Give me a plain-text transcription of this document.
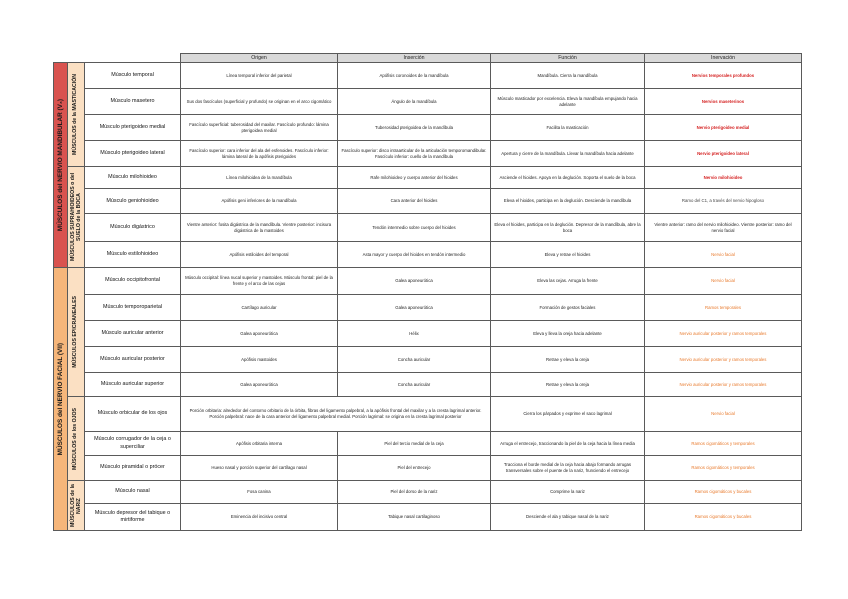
			Origen	Inserción	Función	Inervación

MÚSCULOS del NERVIO MANDIBULAR (V₃)	MÚSCULOS de la MASTICACIÓN	Músculo temporal	Línea temporal inferior del parietal	Apófisis coronoides de la mandíbula	Mandíbula. Cierra la mandíbula	Nervios temporales profundos
		Músculo masetero	Sus dos fascículos (superficial y profundo) se originan en el arco cigomático	Ángulo de la mandíbula	Músculo masticador por excelencia. Eleva la mandíbula empujando hacia adelante	Nervios maseterinos
		Músculo pterigoideo medial	Fascículo superficial: tuberosidad del maxilar. Fascículo profundo: lámina pterigoidea medial	Tuberosidad pterigoidea de la mandíbula	Facilita la masticación	Nervio pterigoideo medial
		Músculo pterigoideo lateral	Fascículo superior: cara inferior del ala del esfenoides. Fascículo inferior: lámina lateral de la apófisis pterigoides	Fascículo superior: disco intraarticular de la articulación temporomandibular. Fascículo inferior: cuello de la mandíbula	Apertura y cierre de la mandíbula. Llevar la mandíbula hacia adelante	Nervio pterigoideo lateral

	MÚSCULOS SUPRAHIOIDEOS o del SUELO de la BOCA	Músculo milohioideo	Línea milohioidea de la mandíbula	Rafe milohioideo y cuerpo anterior del hioides	Asciende el hioides. Apoya en la deglución. Soporta el suelo de la boca	Nervio milohioideo
		Músculo geniohioideo	Apófisis geni inferiores de la mandíbula	Cara anterior del hioides	Eleva el hioides, participa en la deglución. Desciende la mandíbula	Ramo del C1, a través del nervio hipogloso
		Músculo digástrico	Vientre anterior: fosita digástrica de la mandíbula. Vientre posterior: incisura digástrica de la mastoides	Tendón intermedio sobre cuerpo del hioides	Eleva el hioides, participa en la deglución. Depresor de la mandíbula, abre la boca	Vientre anterior: ramo del nervio milohioideo. Vientre posterior: ramo del nervio facial
		Músculo estilohioideo	Apófisis estiloides del temporal	Asta mayor y cuerpo del hioides en tendón intermedio	Eleva y retrae el hioides	Nervio facial

MÚSCULOS del NERVIO FACIAL (VII)	MÚSCULOS EPICRANEALES	Músculo occipitofrontal	Músculo occipital: línea nucal superior y mastoides. Músculo frontal: piel de la frente y el arco de las cejas	Galea aponeurótica	Eleva las cejas. Arruga la frente	Nervio facial
		Músculo temporoparietal	Cartílago auricular	Galea aponeurótica	Formación de gestos faciales	Ramos temporales
		Músculo auricular anterior	Galea aponeurótica	Hélix	Eleva y lleva la oreja hacia adelante	Nervio auricular posterior y ramos temporales
		Músculo auricular posterior	Apófisis mastoides	Concha auricular	Retrae y eleva la oreja	Nervio auricular posterior y ramos temporales
		Músculo auricular superior	Galea aponeurótica	Concha auricular	Retrae y eleva la oreja	Nervio auricular posterior y ramos temporales

	MÚSCULOS de los OJOS	Músculo orbicular de los ojos	Porción orbitaria: alrededor del contorno orbitario de la órbita, fibras del ligamento palpebral, a la apófisis frontal del maxilar y a la cresta lagrimal anterior. Porción palpebral: nace de la cara anterior del ligamento palpebral medial. Porción lagrimal: se origina en la cresta lagrimal posterior		Cierra los párpados y exprime el saco lagrimal	Nervio facial
		Músculo corrugador de la ceja o superciliar	Apófisis orbitaria interna	Piel del tercio medial de la ceja	Arruga el entrecejo, traccionando la piel de la ceja hacia la línea media	Ramos cigomáticos y temporales
		Músculo piramidal o prócer	Hueso nasal y porción superior del cartílago nasal	Piel del entrecejo	Tracciona el borde medial de la ceja hacia abajo formando arrugas transversales sobre el puente de la nariz, frunciendo el entrecejo	Ramos cigomáticos y temporales

	MÚSCULOS de la NARIZ	Músculo nasal	Fosa canina	Piel del dorso de la nariz	Comprime la nariz	Ramos cigomáticos y bucales
		Músculo depresor del tabique o mirtiforme	Eminencia del incisivo central	Tabique nasal cartilaginoso	Desciende el ala y tabique nasal de la nariz	Ramos cigomáticos y bucales
